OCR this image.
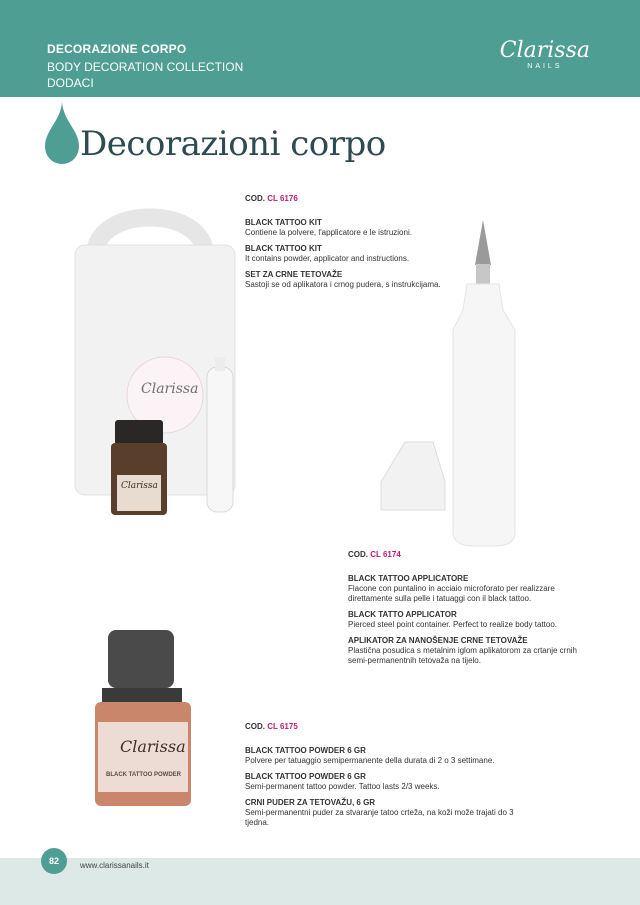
DECORAZIONE CORPO
BODY DECORATION COLLECTION
DODACI
Clarissa
NAILS
Decorazioni corpo
Clarissa
Clarissa
Clarissa
BLACK TATTOO POWDER
COD. CL 6176
BLACK TATTOO KIT
Contiene la polvere, l'applicatore e le istruzioni.
BLACK TATTOO KIT
It contains powder, applicator and instructions.
SET ZA CRNE TETOVAŽE
Sastoji se od aplikatora i crnog pudera, s instrukcijama.
COD. CL 6174
BLACK TATTOO APPLICATORE
Flacone con puntalino in acciaio microforato per realizzare direttamente sulla pelle i tatuaggi con il black tattoo.
BLACK TATTO APPLICATOR
Pierced steel point container. Perfect to realize body tattoo.
APLIKATOR ZA NANOŠENJE CRNE TETOVAŽE
Plastična posudica s metalnim iglom aplikatorom za crtanje crnih semi-permanentnih tetovaža na tijelo.
COD. CL 6175
BLACK TATTOO POWDER 6 GR
Polvere per tatuaggio semipermanente della durata di 2 o 3 settimane.
BLACK TATTOO POWDER 6 GR
Semi-permanent tattoo powder. Tattoo lasts 2/3 weeks.
CRNI PUDER ZA TETOVAŽU, 6 GR
Semi-permanentni puder za stvaranje tatoo crteža, na koži može trajati do 3 tjedna.
82	www.clarissanails.it
